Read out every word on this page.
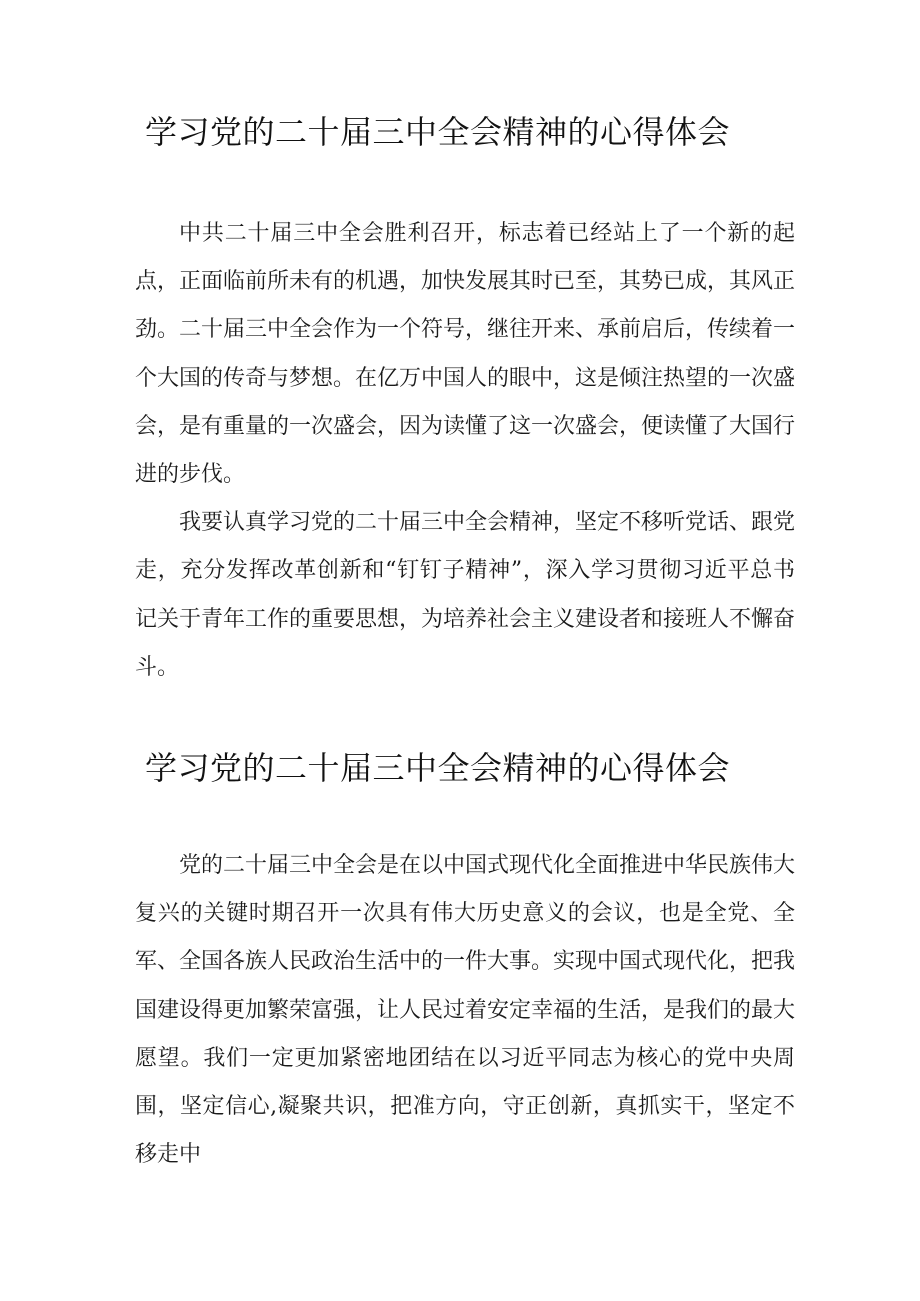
学习党的二十届三中全会精神的心得体会

中共二十届三中全会胜利召开，标志着已经站上了一个新的起点，正面临前所未有的机遇，加快发展其时已至，其势已成，其风正劲。二十届三中全会作为一个符号，继往开来、承前启后，传续着一个大国的传奇与梦想。在亿万中国人的眼中，这是倾注热望的一次盛会，是有重量的一次盛会，因为读懂了这一次盛会，便读懂了大国行进的步伐。

我要认真学习党的二十届三中全会精神，坚定不移听党话、跟党走，充分发挥改革创新和“钉钉子精神”，深入学习贯彻习近平总书记关于青年工作的重要思想，为培养社会主义建设者和接班人不懈奋斗。

学习党的二十届三中全会精神的心得体会

党的二十届三中全会是在以中国式现代化全面推进中华民族伟大复兴的关键时期召开一次具有伟大历史意义的会议，也是全党、全军、全国各族人民政治生活中的一件大事。实现中国式现代化，把我国建设得更加繁荣富强，让人民过着安定幸福的生活，是我们的最大愿望。我们一定更加紧密地团结在以习近平同志为核心的党中央周围，坚定信心,凝聚共识，把准方向，守正创新，真抓实干，坚定不移走中
